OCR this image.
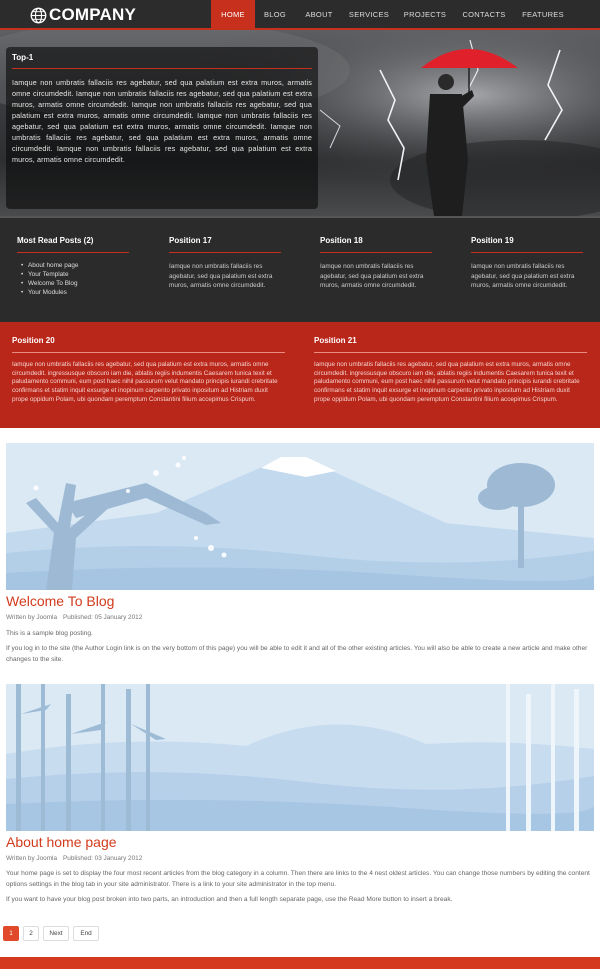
COMPANY	HOME	BLOG	ABOUT	SERVICES	PROJECTS	CONTACTS	FEATURES
Top-1
Iamque non umbratis fallaciis res agebatur, sed qua palatium est extra muros, armatis omne circumdedit. Iamque non umbratis fallaciis res agebatur, sed qua palatium est extra muros, armatis omne circumdedit. Iamque non umbratis fallaciis res agebatur, sed qua palatium est extra muros, armatis omne circumdedit. Iamque non umbratis fallaciis res agebatur, sed qua palatium est extra muros, armatis omne circumdedit. Iamque non umbratis fallaciis res agebatur, sed qua palatium est extra muros, armatis omne circumdedit. Iamque non umbratis fallaciis res agebatur, sed qua palatium est extra muros, armatis omne circumdedit.
Most Read Posts (2)
• About home page
• Your Template
• Welcome To Blog
• Your Modules
Position 17

Iamque non umbratis fallaciis res agebatur, sed qua palatium est extra muros, armatis omne circumdedit.

Position 18

Iamque non umbratis fallaciis res agebatur, sed qua palatium est extra muros, armatis omne circumdedit.

Position 19

Iamque non umbratis fallaciis res agebatur, sed qua palatium est extra muros, armatis omne circumdedit.

Position 20

Iamque non umbratis fallaciis res agebatur, sed qua palatium est extra muros, armatis omne circumdedit. ingressusque obscuro iam die, ablatis regiis indumentis Caesarem tunica texit et paludamento communi, eum post haec nihil passurum velut mandato principis iurandi crebritate confirmans et statim inquit exsurge et inopinum carpento privato inpositum ad Histriam duxit prope oppidum Polam, ubi quondam peremptum Constantini filium accepimus Crispum.

Position 21

Iamque non umbratis fallaciis res agebatur, sed qua palatium est extra muros, armatis omne circumdedit. ingressusque obscuro iam die, ablatis regiis indumentis Caesarem tunica texit et paludamento communi, eum post haec nihil passurum velut mandato principis iurandi crebritate confirmans et statim inquit exsurge et inopinum carpento privato inpositum ad Histriam duxit prope oppidum Polam, ubi quondam peremptum Constantini filium accepimus Crispum.

Welcome To Blog
Written by Joomla Published: 05 January 2012

This is a sample blog posting.

If you log in to the site (the Author Login link is on the very bottom of this page) you will be able to edit it and all of the other existing articles. You will also be able to create a new article and make other changes to the site.

About home page
Written by Joomla Published: 03 January 2012

Your home page is set to display the four most recent articles from the blog category in a column. Then there are links to the 4 nest oldest articles. You can change those numbers by editing the content options settings in the blog tab in your site administrator. There is a link to your site administrator in the top menu.

If you want to have your blog post broken into two parts, an introduction and then a full length separate page, use the Read More button to insert a break.

1	2	Next	End
